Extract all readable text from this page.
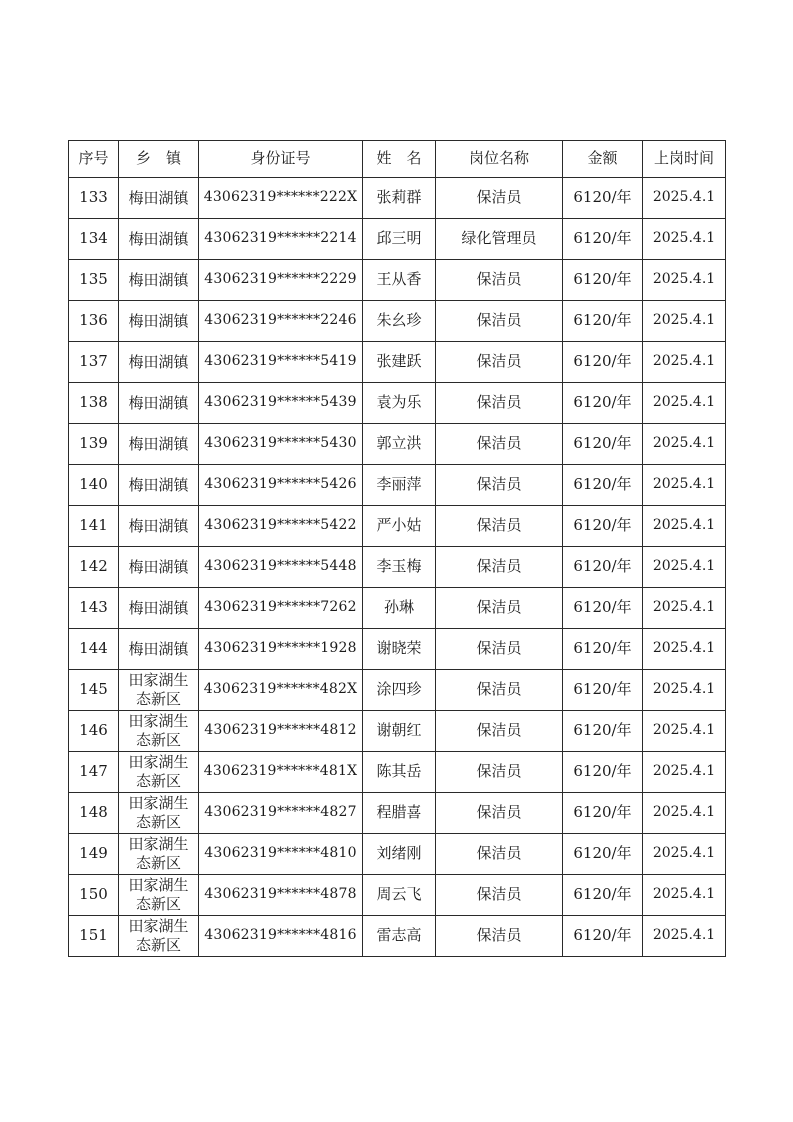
序号	乡　镇	身份证号	姓　名	岗位名称	金额	上岗时间
133	梅田湖镇	43062319******222X	张莉群	保洁员	6120/年	2025.4.1
134	梅田湖镇	43062319******2214	邱三明	绿化管理员	6120/年	2025.4.1
135	梅田湖镇	43062319******2229	王从香	保洁员	6120/年	2025.4.1
136	梅田湖镇	43062319******2246	朱幺珍	保洁员	6120/年	2025.4.1
137	梅田湖镇	43062319******5419	张建跃	保洁员	6120/年	2025.4.1
138	梅田湖镇	43062319******5439	袁为乐	保洁员	6120/年	2025.4.1
139	梅田湖镇	43062319******5430	郭立洪	保洁员	6120/年	2025.4.1
140	梅田湖镇	43062319******5426	李丽萍	保洁员	6120/年	2025.4.1
141	梅田湖镇	43062319******5422	严小姑	保洁员	6120/年	2025.4.1
142	梅田湖镇	43062319******5448	李玉梅	保洁员	6120/年	2025.4.1
143	梅田湖镇	43062319******7262	孙琳	保洁员	6120/年	2025.4.1
144	梅田湖镇	43062319******1928	谢晓荣	保洁员	6120/年	2025.4.1
145	田家湖生态新区	43062319******482X	涂四珍	保洁员	6120/年	2025.4.1
146	田家湖生态新区	43062319******4812	谢朝红	保洁员	6120/年	2025.4.1
147	田家湖生态新区	43062319******481X	陈其岳	保洁员	6120/年	2025.4.1
148	田家湖生态新区	43062319******4827	程腊喜	保洁员	6120/年	2025.4.1
149	田家湖生态新区	43062319******4810	刘绪刚	保洁员	6120/年	2025.4.1
150	田家湖生态新区	43062319******4878	周云飞	保洁员	6120/年	2025.4.1
151	田家湖生态新区	43062319******4816	雷志高	保洁员	6120/年	2025.4.1
